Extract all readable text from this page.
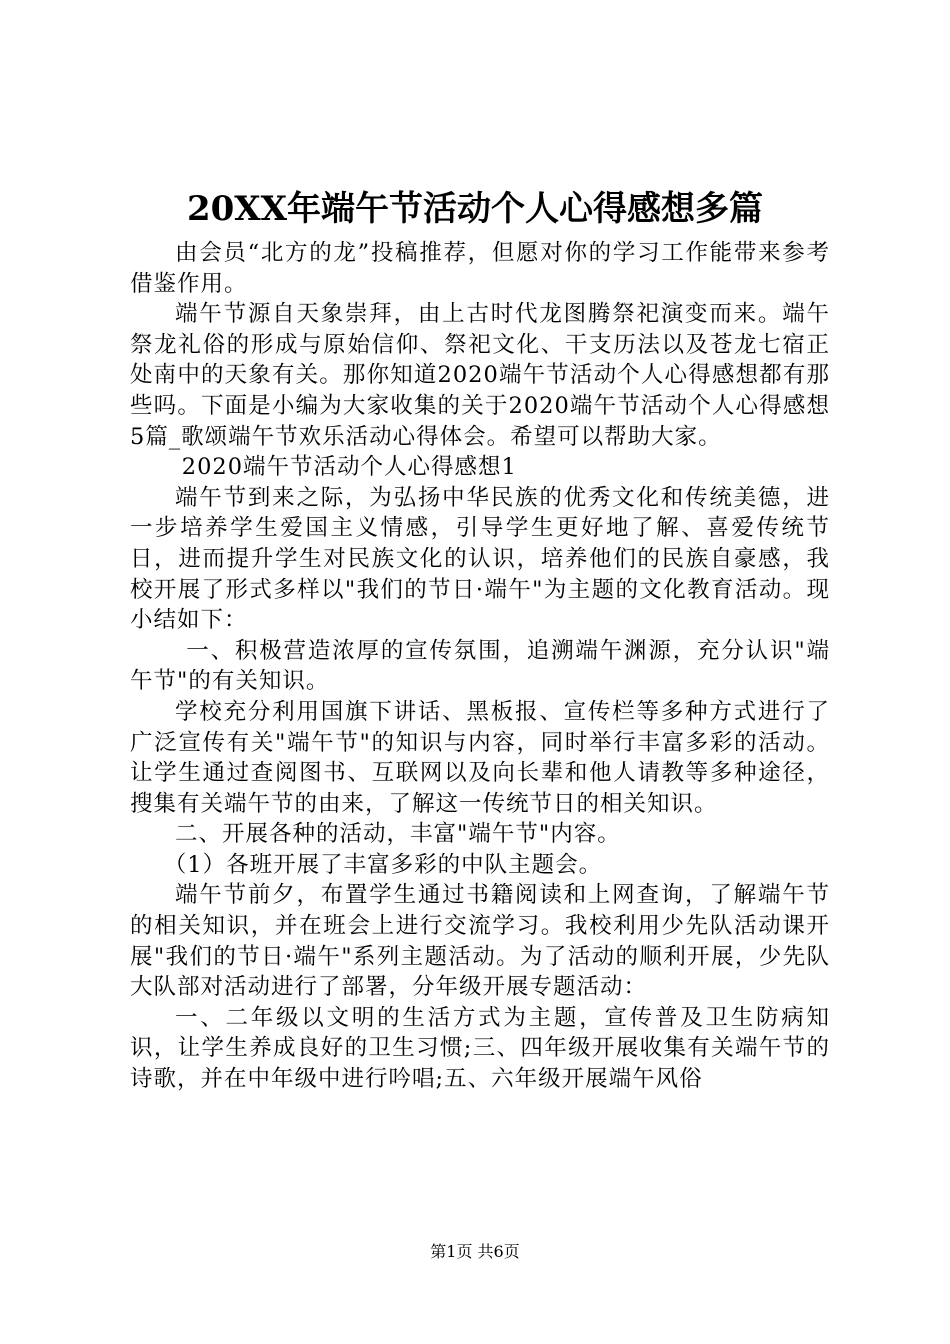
20XX年端午节活动个人心得感想多篇

由会员“北方的龙”投稿推荐，但愿对你的学习工作能带来参考借鉴作用。

端午节源自天象崇拜，由上古时代龙图腾祭祀演变而来。端午祭龙礼俗的形成与原始信仰、祭祀文化、干支历法以及苍龙七宿正处南中的天象有关。那你知道2020端午节活动个人心得感想都有那些吗。下面是小编为大家收集的关于2020端午节活动个人心得感想5篇_歌颂端午节欢乐活动心得体会。希望可以帮助大家。

2020端午节活动个人心得感想1

端午节到来之际，为弘扬中华民族的优秀文化和传统美德，进一步培养学生爱国主义情感，引导学生更好地了解、喜爱传统节日，进而提升学生对民族文化的认识，培养他们的民族自豪感，我校开展了形式多样以"我们的节日·端午"为主题的文化教育活动。现小结如下：

一、积极营造浓厚的宣传氛围，追溯端午渊源，充分认识"端午节"的有关知识。

学校充分利用国旗下讲话、黑板报、宣传栏等多种方式进行了广泛宣传有关"端午节"的知识与内容，同时举行丰富多彩的活动。让学生通过查阅图书、互联网以及向长辈和他人请教等多种途径，搜集有关端午节的由来，了解这一传统节日的相关知识。

二、开展各种的活动，丰富"端午节"内容。

（1）各班开展了丰富多彩的中队主题会。

端午节前夕，布置学生通过书籍阅读和上网查询，了解端午节的相关知识，并在班会上进行交流学习。我校利用少先队活动课开展"我们的节日·端午"系列主题活动。为了活动的顺利开展，少先队大队部对活动进行了部署，分年级开展专题活动：

一、二年级以文明的生活方式为主题，宣传普及卫生防病知识，让学生养成良好的卫生习惯;三、四年级开展收集有关端午节的诗歌，并在中年级中进行吟唱;五、六年级开展端午风俗

第1页 共6页
